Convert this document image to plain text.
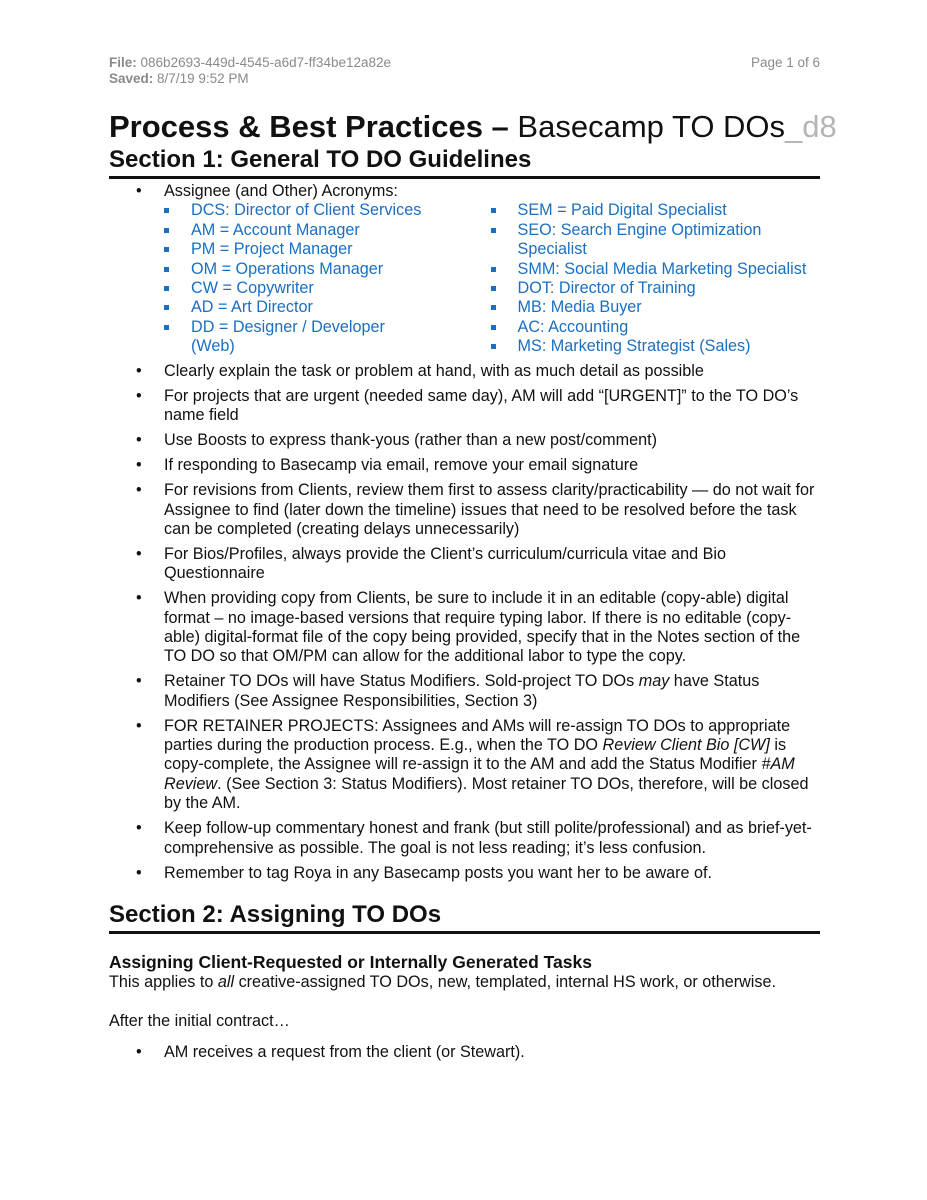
File: 086b2693-449d-4545-a6d7-ff34be12a82e
Saved: 8/7/19 9:52 PM
Page 1 of 6
Process & Best Practices – Basecamp TO DOs_d8
Section 1: General TO DO Guidelines
• Assignee (and Other) Acronyms:
DCS: Director of Client Services
AM = Account Manager
PM = Project Manager
OM = Operations Manager
CW = Copywriter
AD = Art Director
DD = Designer / Developer (Web)
SEM = Paid Digital Specialist
SEO: Search Engine Optimization Specialist
SMM: Social Media Marketing Specialist
DOT: Director of Training
MB: Media Buyer
AC: Accounting
MS: Marketing Strategist (Sales)
• Clearly explain the task or problem at hand, with as much detail as possible
• For projects that are urgent (needed same day), AM will add “[URGENT]” to the TO DO’s name field
• Use Boosts to express thank-yous (rather than a new post/comment)
• If responding to Basecamp via email, remove your email signature
• For revisions from Clients, review them first to assess clarity/practicability — do not wait for Assignee to find (later down the timeline) issues that need to be resolved before the task can be completed (creating delays unnecessarily)
• For Bios/Profiles, always provide the Client’s curriculum/curricula vitae and Bio Questionnaire
• When providing copy from Clients, be sure to include it in an editable (copy-able) digital format – no image-based versions that require typing labor. If there is no editable (copy-able) digital-format file of the copy being provided, specify that in the Notes section of the TO DO so that OM/PM can allow for the additional labor to type the copy.
• Retainer TO DOs will have Status Modifiers. Sold-project TO DOs may have Status Modifiers (See Assignee Responsibilities, Section 3)
• FOR RETAINER PROJECTS: Assignees and AMs will re-assign TO DOs to appropriate parties during the production process. E.g., when the TO DO Review Client Bio [CW] is copy-complete, the Assignee will re-assign it to the AM and add the Status Modifier #AM Review. (See Section 3: Status Modifiers). Most retainer TO DOs, therefore, will be closed by the AM.
• Keep follow-up commentary honest and frank (but still polite/professional) and as brief-yet-comprehensive as possible. The goal is not less reading; it’s less confusion.
• Remember to tag Roya in any Basecamp posts you want her to be aware of.
Section 2: Assigning TO DOs
Assigning Client-Requested or Internally Generated Tasks
This applies to all creative-assigned TO DOs, new, templated, internal HS work, or otherwise.
After the initial contract…
• AM receives a request from the client (or Stewart).
